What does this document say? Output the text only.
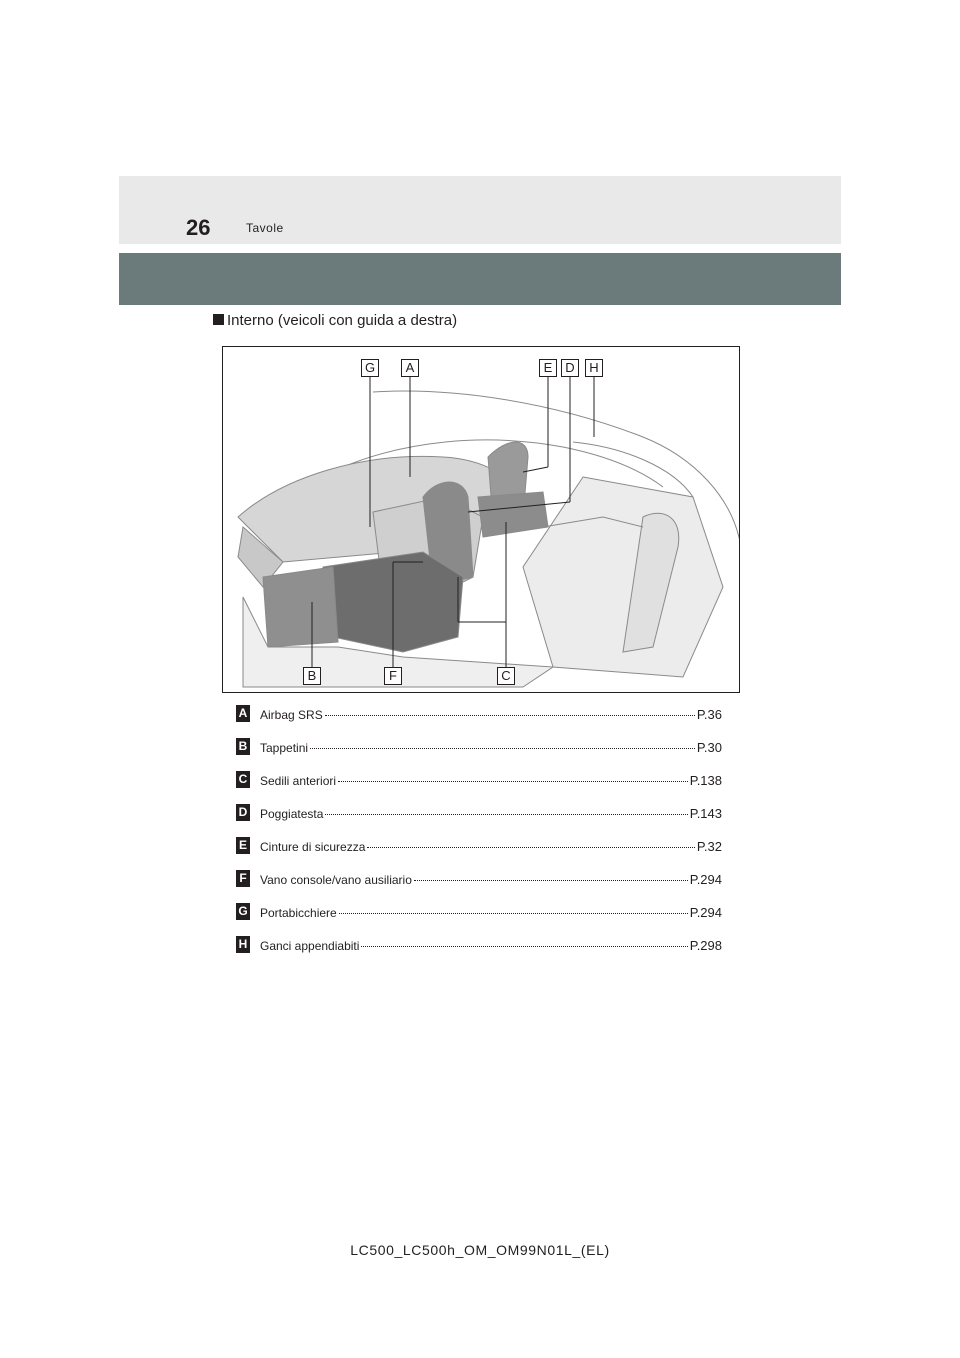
26	Tavole
Interno (veicoli con guida a destra)
G	A	E D	H
B	F	C
A Airbag SRS	P.36
B Tappetini	P.30
C Sedili anteriori	P.138
D Poggiatesta	P.143
E Cinture di sicurezza	P.32
F Vano console/vano ausiliario	P.294
G Portabicchiere	P.294
H Ganci appendiabiti	P.298
LC500_LC500h_OM_OM99N01L_(EL)
